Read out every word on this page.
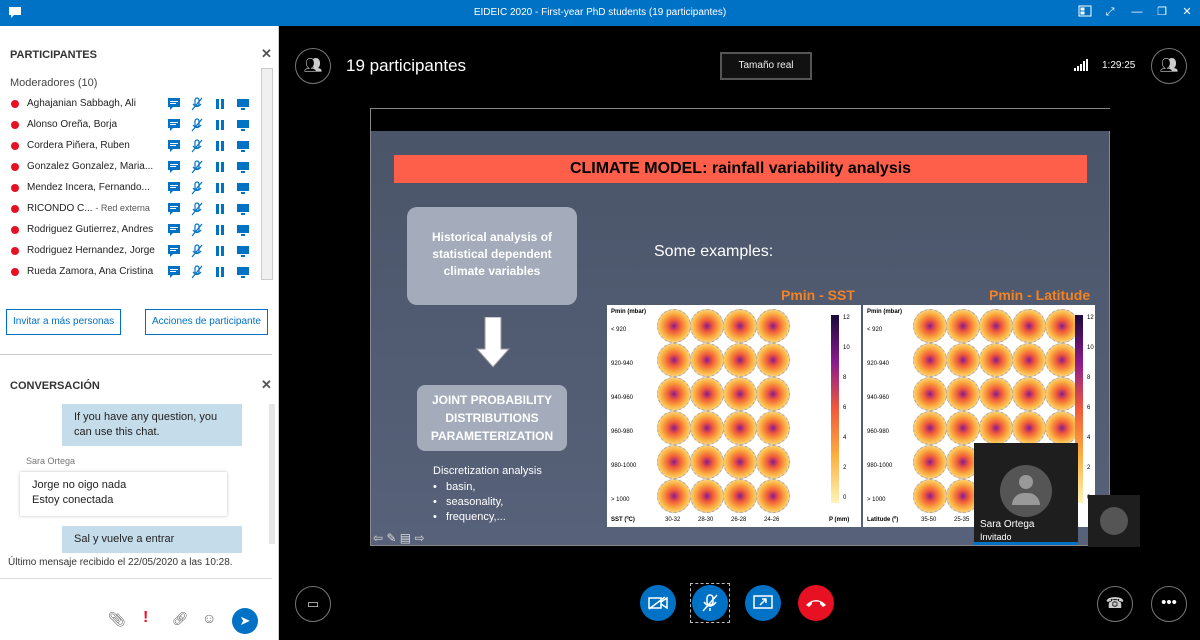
EIDEIC 2020 - First-year PhD students (19 participantes)	⤢ — ❐ ✕
PARTICIPANTES	✕
Moderadores (10)
Aghajanian Sabbagh, Ali
Alonso Oreña, Borja
Cordera Piñera, Ruben
Gonzalez Gonzalez, Maria...
Mendez Incera, Fernando...
RICONDO C... - Red externa
Rodriguez Gutierrez, Andres
Rodriguez Hernandez, Jorge
Rueda Zamora, Ana Cristina
Invitar a más personas	Acciones de participante
CONVERSACIÓN	✕
If you have any question, you can use this chat.
Sara Ortega
Jorge no oigo nada
Estoy conectada
Sal y vuelve a entrar
Último mensaje recibido el 22/05/2020 a las 10:28.
📎︎ ! 🔗︎ ☺	➤
👥︎	19 participantes	Tamaño real	1:29:25	👥︎
CLIMATE MODEL: rainfall variability analysis
Historical analysis of statistical dependent climate variables
JOINT PROBABILITY DISTRIBUTIONS PARAMETERIZATION
Discretization analysis
•   basin,
•   seasonality,
•   frequency,...
Some examples:
Pmin - SST	Pmin - Latitude
Pmin (mbar)
< 920
920-940
940-960
960-980
980-1000
> 1000
SST (ºC)	30-32	28-30	26-28	24-26	P (mm)
12
10
8
6
4
2
0
Pmin (mbar)
< 920
920-940
940-960
960-980
980-1000
> 1000
Latitude (º)	35-50	25-35
12
10
8
6
4
2
⇦ ✎ ▤ ⇨
Sara Ortega
Invitado
▭	☎	•••
